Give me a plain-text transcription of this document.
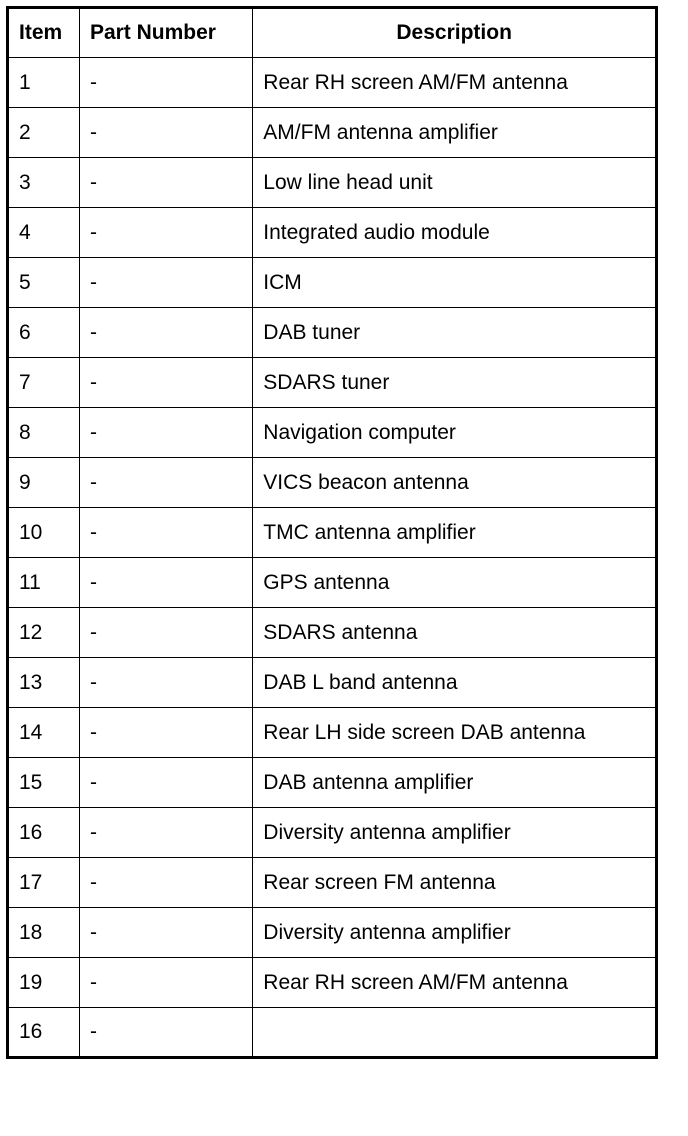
Item	Part Number	Description
1	-	Rear RH screen AM/FM antenna
2	-	AM/FM antenna amplifier
3	-	Low line head unit
4	-	Integrated audio module
5	-	ICM
6	-	DAB tuner
7	-	SDARS tuner
8	-	Navigation computer
9	-	VICS beacon antenna
10	-	TMC antenna amplifier
11	-	GPS antenna
12	-	SDARS antenna
13	-	DAB L band antenna
14	-	Rear LH side screen DAB antenna
15	-	DAB antenna amplifier
16	-	Diversity antenna amplifier
17	-	Rear screen FM antenna
18	-	Diversity antenna amplifier
19	-	Rear RH screen AM/FM antenna
16	-	
